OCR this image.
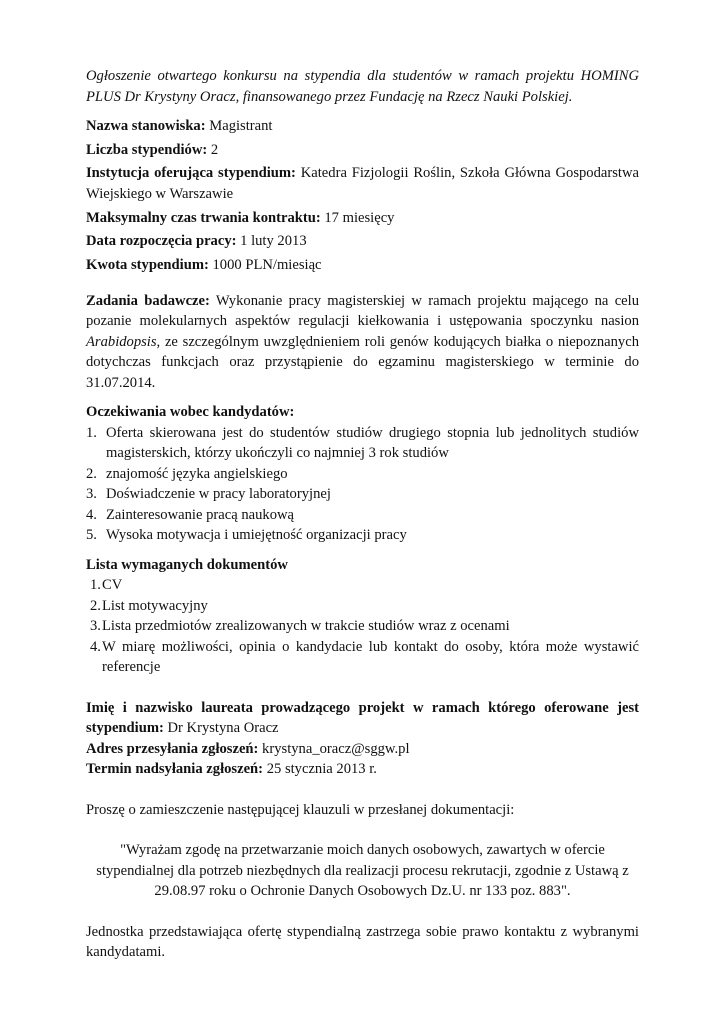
Ogłoszenie otwartego konkursu na stypendia dla studentów w ramach projektu HOMING PLUS Dr Krystyny Oracz, finansowanego przez Fundację na Rzecz Nauki Polskiej.

Nazwa stanowiska: Magistrant

Liczba stypendiów: 2

Instytucja oferująca stypendium: Katedra Fizjologii Roślin, Szkoła Główna Gospodarstwa Wiejskiego w Warszawie

Maksymalny czas trwania kontraktu: 17 miesięcy

Data rozpoczęcia pracy: 1 luty 2013

Kwota stypendium: 1000 PLN/miesiąc

Zadania badawcze: Wykonanie pracy magisterskiej w ramach projektu mającego na celu pozanie molekularnych aspektów regulacji kiełkowania i ustępowania spoczynku nasion Arabidopsis, ze szczególnym uwzględnieniem roli genów kodujących białka o niepoznanych dotychczas funkcjach oraz przystąpienie do egzaminu magisterskiego w terminie do 31.07.2014.

Oczekiwania wobec kandydatów:

1. Oferta skierowana jest do studentów studiów drugiego stopnia lub jednolitych studiów magisterskich, którzy ukończyli co najmniej 3 rok studiów
2. znajomość języka angielskiego
3. Doświadczenie w pracy laboratoryjnej
4. Zainteresowanie pracą naukową
5. Wysoka motywacja i umiejętność organizacji pracy

Lista wymaganych dokumentów

1. CV
2. List motywacyjny
3. Lista przedmiotów zrealizowanych w trakcie studiów wraz z ocenami
4. W miarę możliwości, opinia o kandydacie lub kontakt do osoby, która może wystawić referencje

Imię i nazwisko laureata prowadzącego projekt w ramach którego oferowane jest stypendium: Dr Krystyna Oracz

Adres przesyłania zgłoszeń: krystyna_oracz@sggw.pl

Termin nadsyłania zgłoszeń: 25 stycznia 2013 r.

Proszę o zamieszczenie następującej klauzuli w przesłanej dokumentacji:

"Wyrażam zgodę na przetwarzanie moich danych osobowych, zawartych w ofercie stypendialnej dla potrzeb niezbędnych dla realizacji procesu rekrutacji, zgodnie z Ustawą z 29.08.97 roku o Ochronie Danych Osobowych Dz.U. nr 133 poz. 883".

Jednostka przedstawiająca ofertę stypendialną zastrzega sobie prawo kontaktu z wybranymi kandydatami.
